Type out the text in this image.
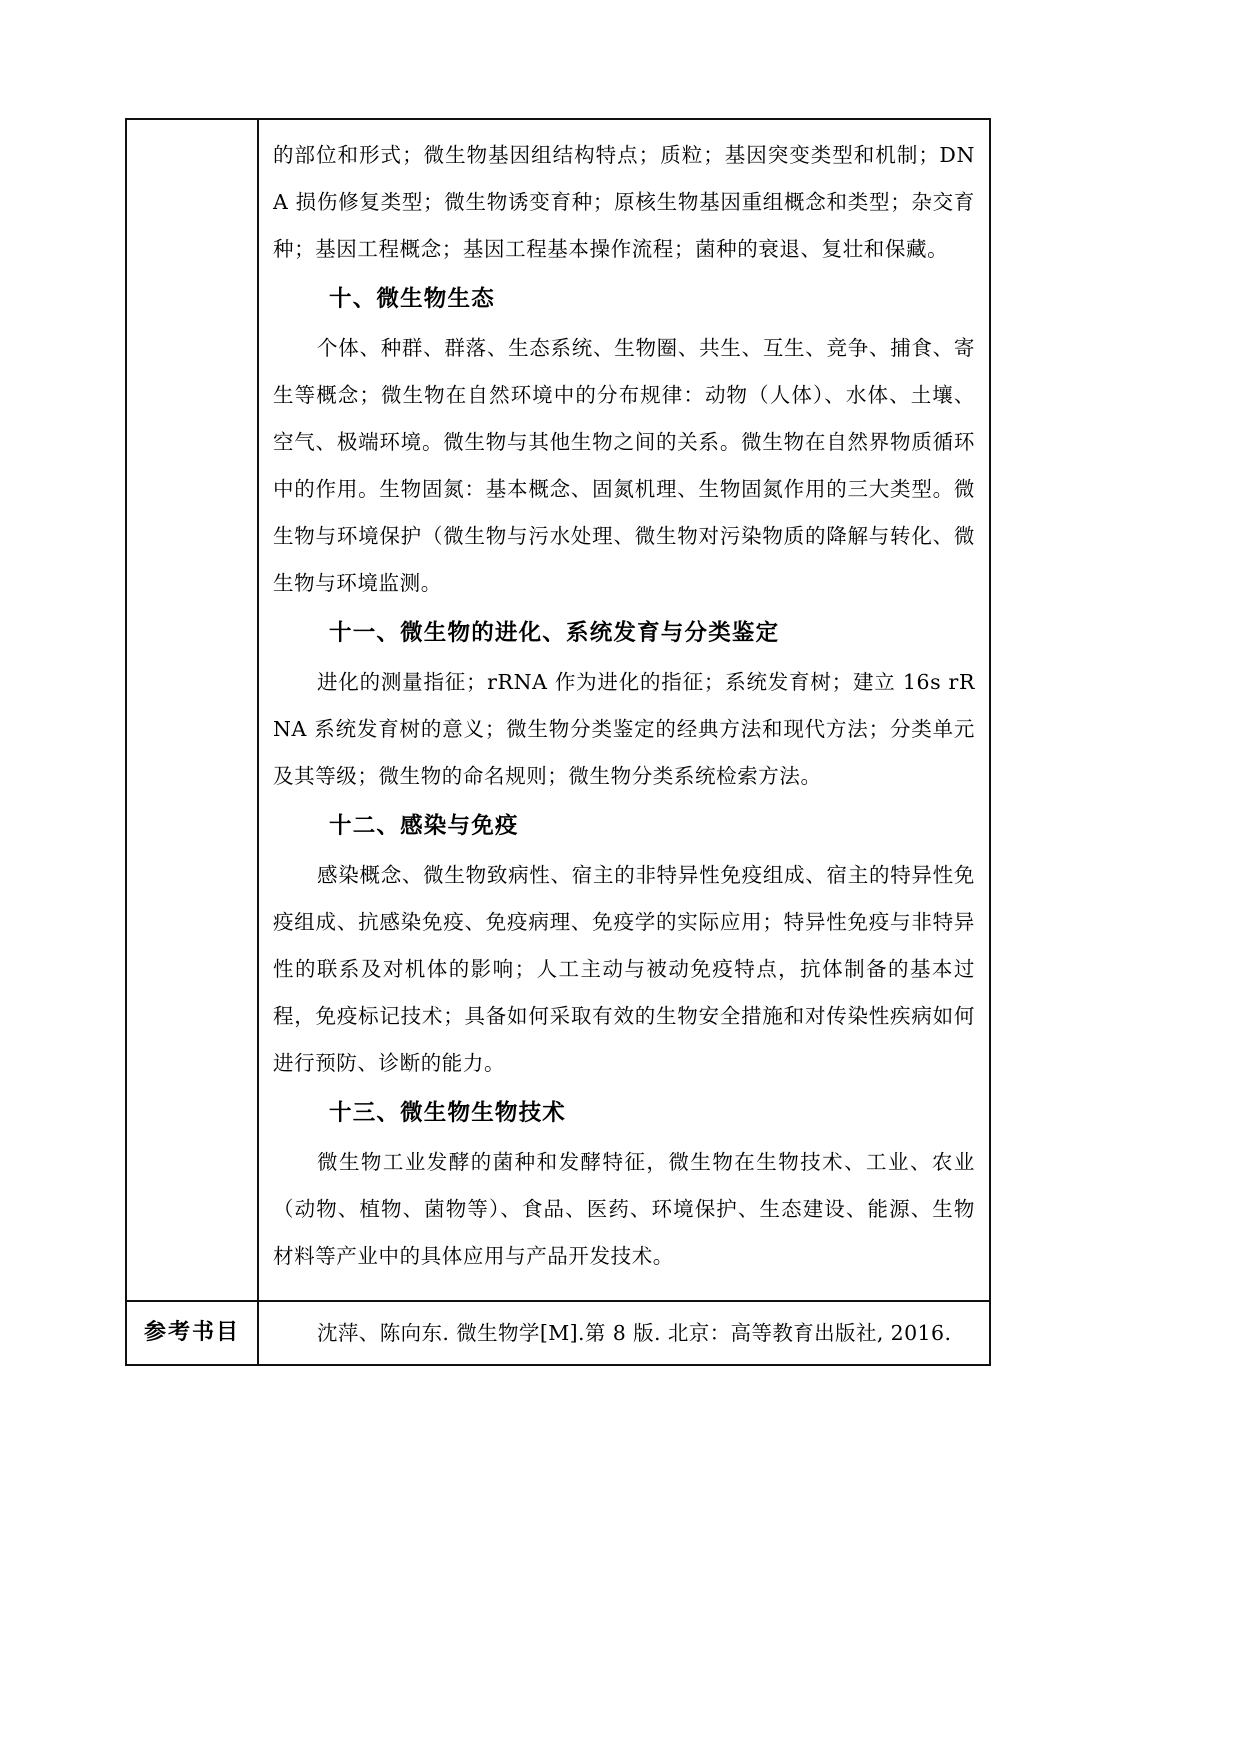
的部位和形式；微生物基因组结构特点；质粒；基因突变类型和机制；DNA 损伤修复类型；微生物诱变育种；原核生物基因重组概念和类型；杂交育种；基因工程概念；基因工程基本操作流程；菌种的衰退、复壮和保藏。

十、微生物生态

个体、种群、群落、生态系统、生物圈、共生、互生、竞争、捕食、寄生等概念；微生物在自然环境中的分布规律：动物（人体）、水体、土壤、空气、极端环境。微生物与其他生物之间的关系。微生物在自然界物质循环中的作用。生物固氮：基本概念、固氮机理、生物固氮作用的三大类型。微生物与环境保护（微生物与污水处理、微生物对污染物质的降解与转化、微生物与环境监测。

十一、微生物的进化、系统发育与分类鉴定

进化的测量指征；rRNA 作为进化的指征；系统发育树；建立 16s rRNA 系统发育树的意义；微生物分类鉴定的经典方法和现代方法；分类单元及其等级；微生物的命名规则；微生物分类系统检索方法。

十二、感染与免疫

感染概念、微生物致病性、宿主的非特异性免疫组成、宿主的特异性免疫组成、抗感染免疫、免疫病理、免疫学的实际应用；特异性免疫与非特异性的联系及对机体的影响；人工主动与被动免疫特点，抗体制备的基本过程，免疫标记技术；具备如何采取有效的生物安全措施和对传染性疾病如何进行预防、诊断的能力。

十三、微生物生物技术

微生物工业发酵的菌种和发酵特征，微生物在生物技术、工业、农业（动物、植物、菌物等）、食品、医药、环境保护、生态建设、能源、生物材料等产业中的具体应用与产品开发技术。

参考书目	沈萍、陈向东. 微生物学[M].第 8 版. 北京：高等教育出版社, 2016.
